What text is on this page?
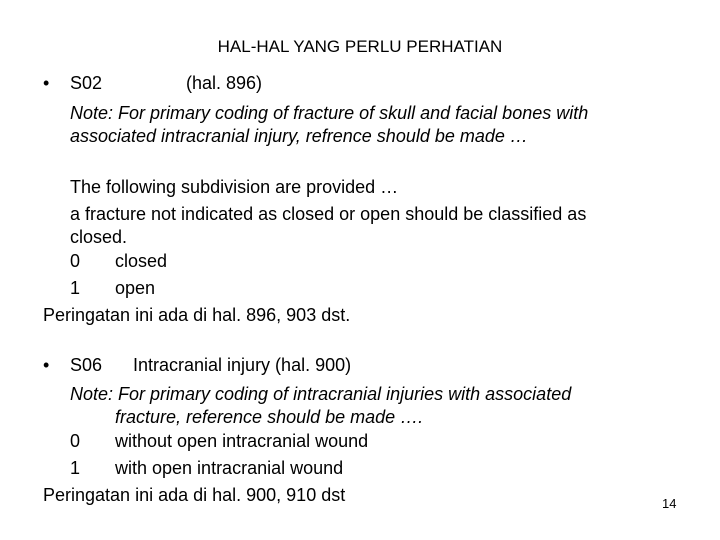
HAL-HAL YANG PERLU PERHATIAN
• S02	(hal. 896)
Note: For primary coding of fracture of skull and facial bones with
associated intracranial injury, refrence should be made …
The following subdivision are provided …
a fracture not indicated as closed or open should be classified as
closed.
0 closed
1 open
Peringatan ini ada di hal. 896, 903 dst.
• S06 Intracranial injury (hal. 900)
Note: For primary coding of intracranial injuries with associated
fracture, reference should be made ….
0 without open intracranial wound
1 with open intracranial wound
Peringatan ini ada di hal. 900, 910 dst	14
